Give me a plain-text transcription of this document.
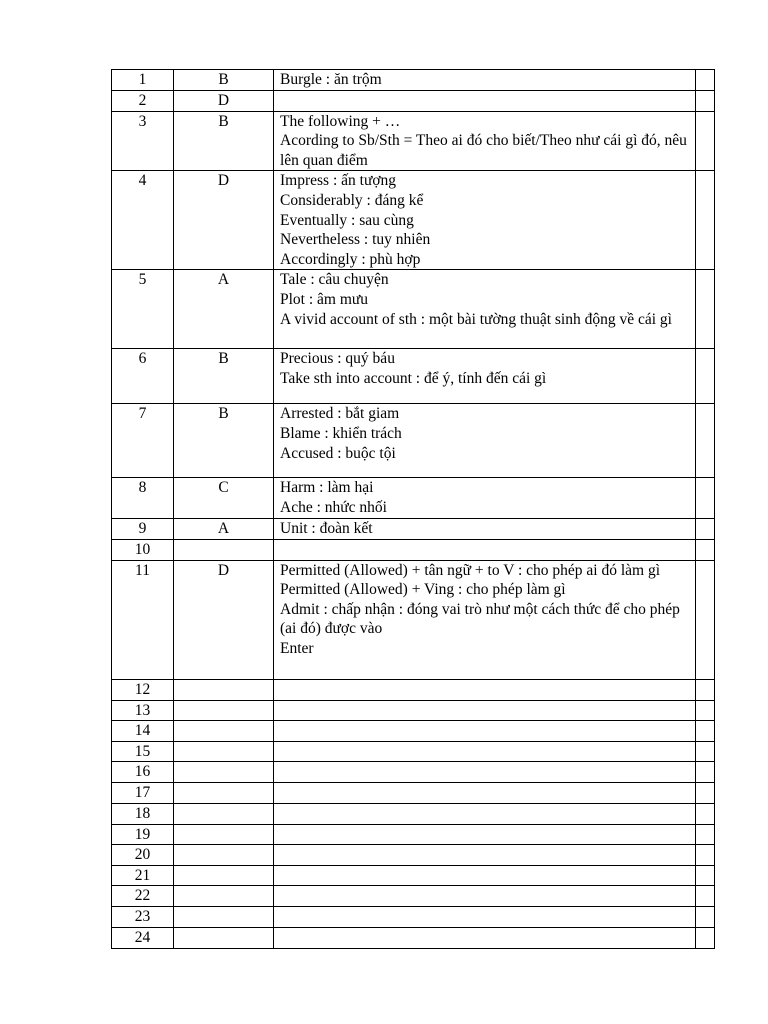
1	B	Burgle : ăn trộm	

2	D		
3	B	The following + …
Acording to Sb/Sth = Theo ai đó cho biết/Theo như cái gì đó, nêu lên quan điểm	

4	D	Impress : ấn tượng
Considerably : đáng kể
Eventually : sau cùng
Nevertheless : tuy nhiên
Accordingly : phù hợp	

5	A	Tale : câu chuyện
Plot : âm mưu
A vivid account of sth : một bài tường thuật sinh động về cái gì	

6	B	Precious : quý báu
Take sth into account : để ý, tính đến cái gì	

7	B	Arrested : bắt giam
Blame : khiển trách
Accused : buộc tội	

8	C	Harm : làm hại
Ache : nhức nhối	

9	A	Unit : đoàn kết	

10			
11	D	Permitted (Allowed) + tân ngữ + to V : cho phép ai đó làm gì
Permitted (Allowed) + Ving : cho phép làm gì
Admit : chấp nhận : đóng vai trò như một cách thức để cho phép (ai đó) được vào
Enter	

12			
13			
14			
15			
16			
17			
18			
19			
20			
21			
22			
23			
24			
